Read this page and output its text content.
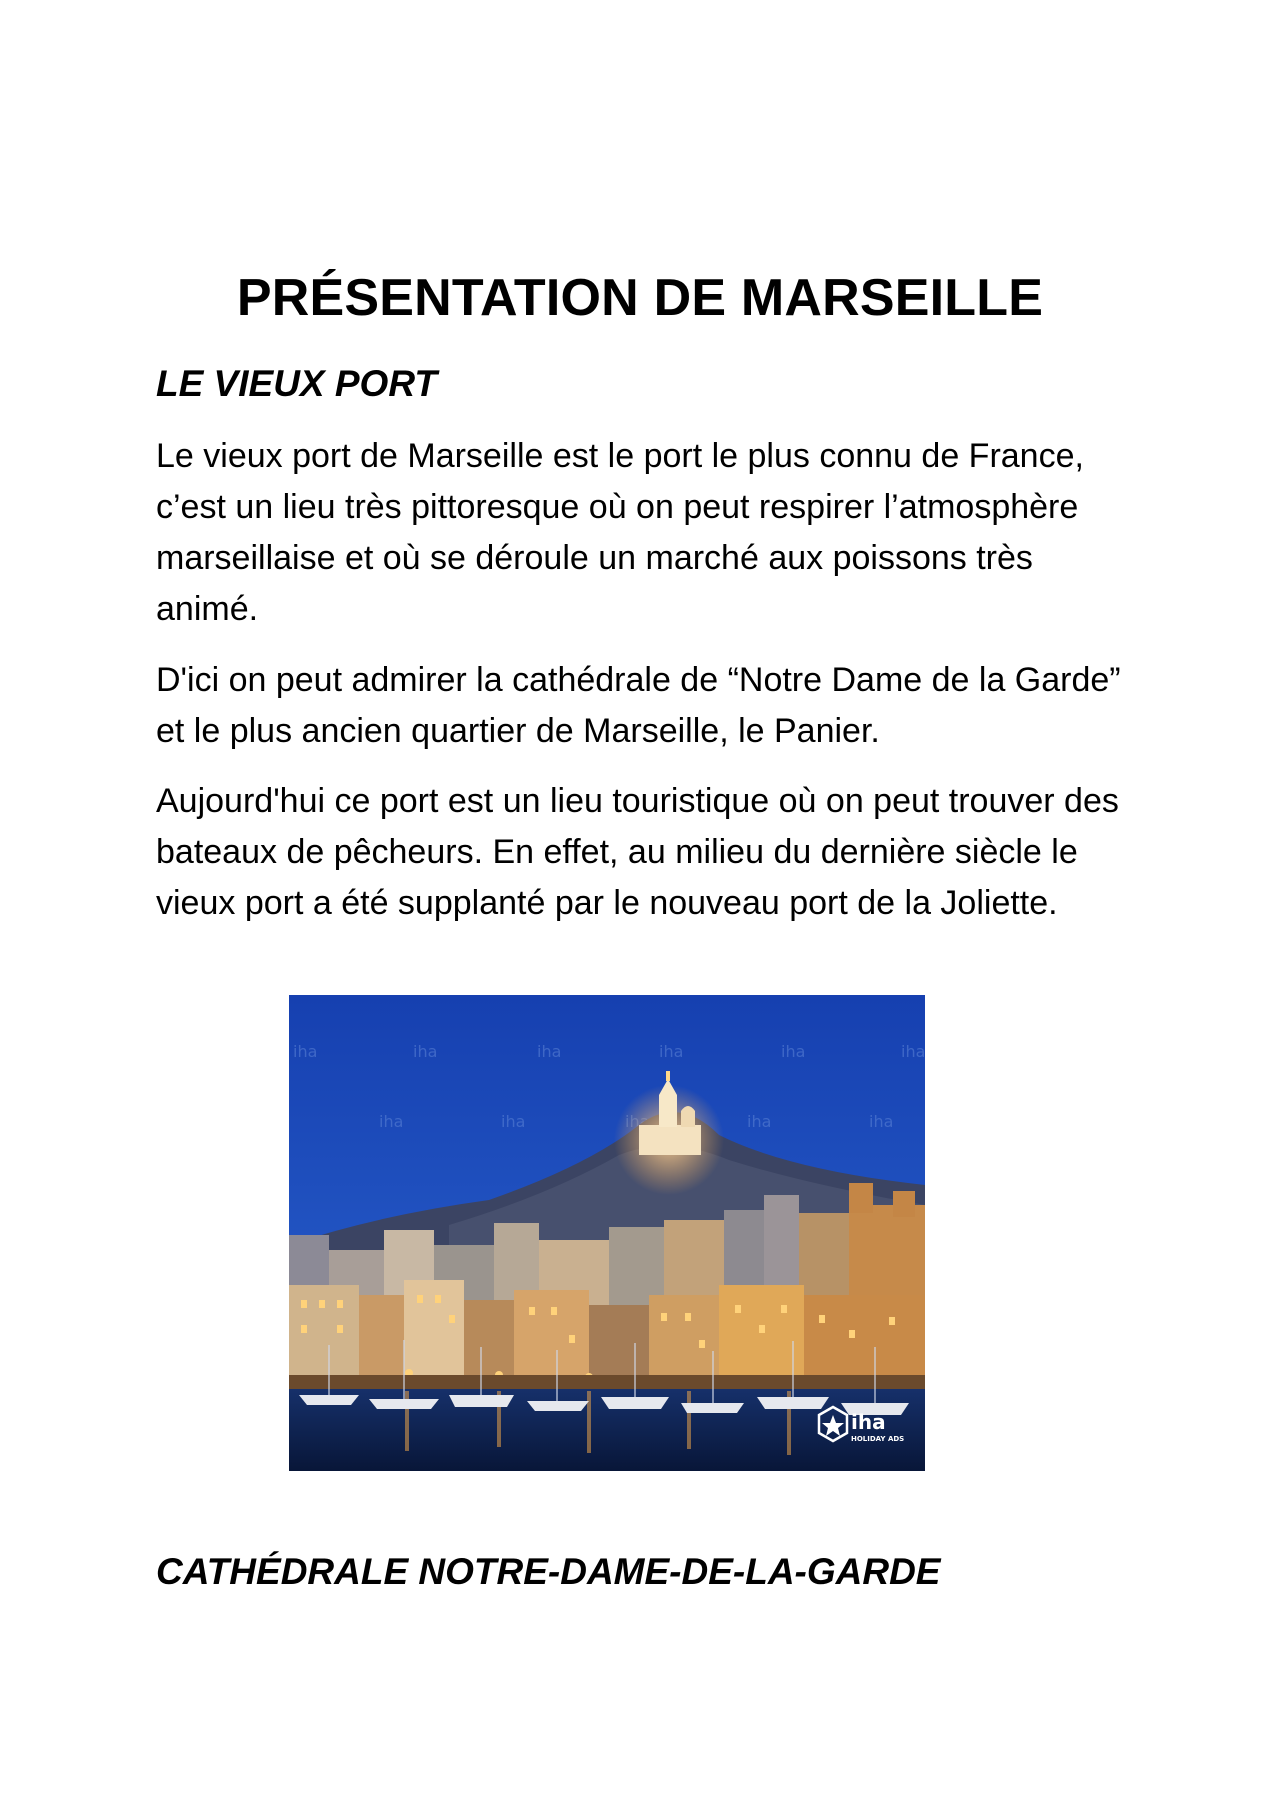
PRÉSENTATION DE MARSEILLE
LE VIEUX PORT

Le vieux port de Marseille est le port le plus connu de France, c’est un lieu très pittoresque où on peut respirer l’atmosphère marseillaise et où se déroule un marché aux poissons très animé.

D'ici on peut admirer la cathédrale de “Notre Dame de la Garde” et le plus ancien quartier de Marseille, le Panier.

Aujourd'hui ce port est un lieu touristique où on peut trouver des bateaux de pêcheurs. En effet, au milieu du dernière siècle le vieux port a été supplanté par le nouveau port de la Joliette.

iha	iha	iha	iha	iha	iha
iha	iha	iha	iha
iha
HOLIDAY ADS
CATHÉDRALE NOTRE-DAME-DE-LA-GARDE
